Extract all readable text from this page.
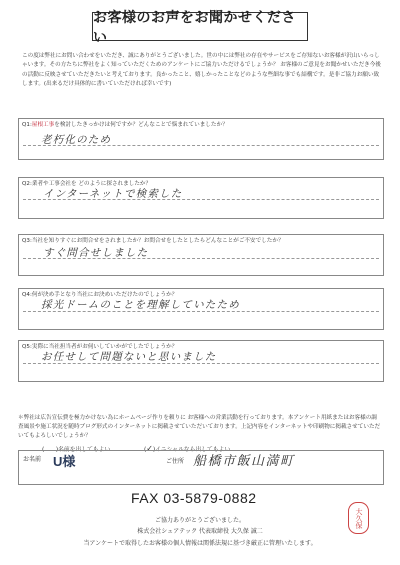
お客様のお声をお聞かせください
この度は弊社にお問い合わせをいただき、誠にありがとうございました。世の中には弊社の存在やサービスをご存知ないお客様が沢山いらっしゃいます。その方たちに弊社をよく知っていただくためのアンケートにご協力いただけるでしょうか？ お客様のご意見をお聞かせいただき今後の活動に反映させていただきたいと考えております。良かったこと、嬉しかったことなどのような些細な事でも結構です。是非ご協力お願い致します。(出来るだけ具体的に書いていただければ幸いです)
Q1:屋根工事を検討したきっかけは何ですか？どんなことで悩まれていましたか？
老朽化のため
Q2:業者や工事会社を どのように探されましたか？
インターネットで検索した
Q3:当社を知りすぐにお問合せをされましたか？お問合せをしたとしたらどんなことがご不安でしたか？
すぐ問合せしました
Q4:何が決め手となり当社にお決めいただけたのでしょうか？
採光ドームのことを理解していたため
Q5:実際に当社担当者がお伺いしていかがでしたでしょうか？
お任せして問題ないと思いました
＊弊社は広告宣伝費を極力かけない為にホームページ作りを頼りに お客様への営業活動を行っております。本アンケート用紙またはお客様の調査風景や施工状況を随時ブログ形式のインターネットに掲載させていただいております。上記内容をインターネットや印刷物に掲載させていただいてもよろしいでしょうか？
(　　)名前を出してもよい	(✓)イニシャルなら出してもよい
お名前 U様	ご住所 船橋市飯山満町
FAX 03-5879-0882
ご協力ありがとうございました。
株式会社シェアテック 代表取締役 大久保 誠二
当アンケートで取得したお客様の個人情報は関係法規に基づき厳正に管理いたします。
大久保
